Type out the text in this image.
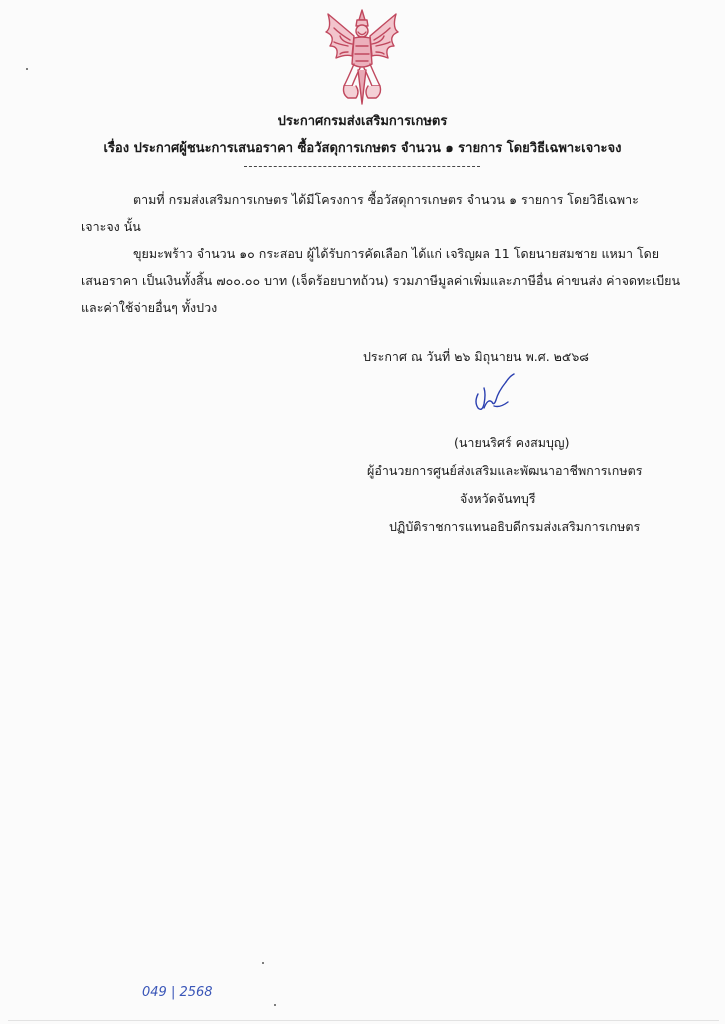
ประกาศกรมส่งเสริมการเกษตร
เรื่อง ประกาศผู้ชนะการเสนอราคา ซื้อวัสดุการเกษตร จำนวน ๑ รายการ โดยวิธีเฉพาะเจาะจง
ตามที่ กรมส่งเสริมการเกษตร ได้มีโครงการ ซื้อวัสดุการเกษตร จำนวน ๑ รายการ โดยวิธีเฉพาะ
เจาะจง นั้น
ขุยมะพร้าว จำนวน ๑๐ กระสอบ ผู้ได้รับการคัดเลือก ได้แก่ เจริญผล 11 โดยนายสมชาย แหมา โดย
เสนอราคา เป็นเงินทั้งสิ้น ๗๐๐.๐๐ บาท (เจ็ดร้อยบาทถ้วน) รวมภาษีมูลค่าเพิ่มและภาษีอื่น ค่าขนส่ง ค่าจดทะเบียน
และค่าใช้จ่ายอื่นๆ ทั้งปวง
ประกาศ ณ วันที่ ๒๖ มิถุนายน พ.ศ. ๒๕๖๘
(นายนริศร์ คงสมบุญ)
ผู้อำนวยการศูนย์ส่งเสริมและพัฒนาอาชีพการเกษตร
จังหวัดจันทบุรี
ปฏิบัติราชการแทนอธิบดีกรมส่งเสริมการเกษตร
049 | 2568
